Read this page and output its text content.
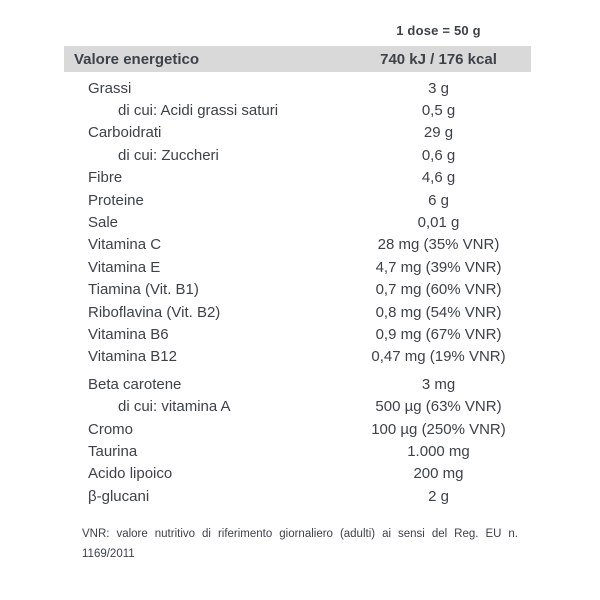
1 dose = 50 g
Valore energetico	740 kJ / 176 kcal
Grassi	3 g
di cui: Acidi grassi saturi	0,5 g
Carboidrati	29 g
di cui: Zuccheri	0,6 g
Fibre	4,6 g
Proteine	6 g
Sale	0,01 g
Vitamina C	28 mg (35% VNR)
Vitamina E	4,7 mg (39% VNR)
Tiamina (Vit. B1)	0,7 mg (60% VNR)
Riboflavina (Vit. B2)	0,8 mg (54% VNR)
Vitamina B6	0,9 mg (67% VNR)
Vitamina B12	0,47 mg (19% VNR)
Beta carotene	3 mg
di cui: vitamina A	500 µg (63% VNR)
Cromo	100 µg (250% VNR)
Taurina	1.000 mg
Acido lipoico	200 mg
β-glucani	2 g
VNR: valore nutritivo di riferimento giornaliero (adulti) ai sensi del Reg. EU n. 1169/2011
